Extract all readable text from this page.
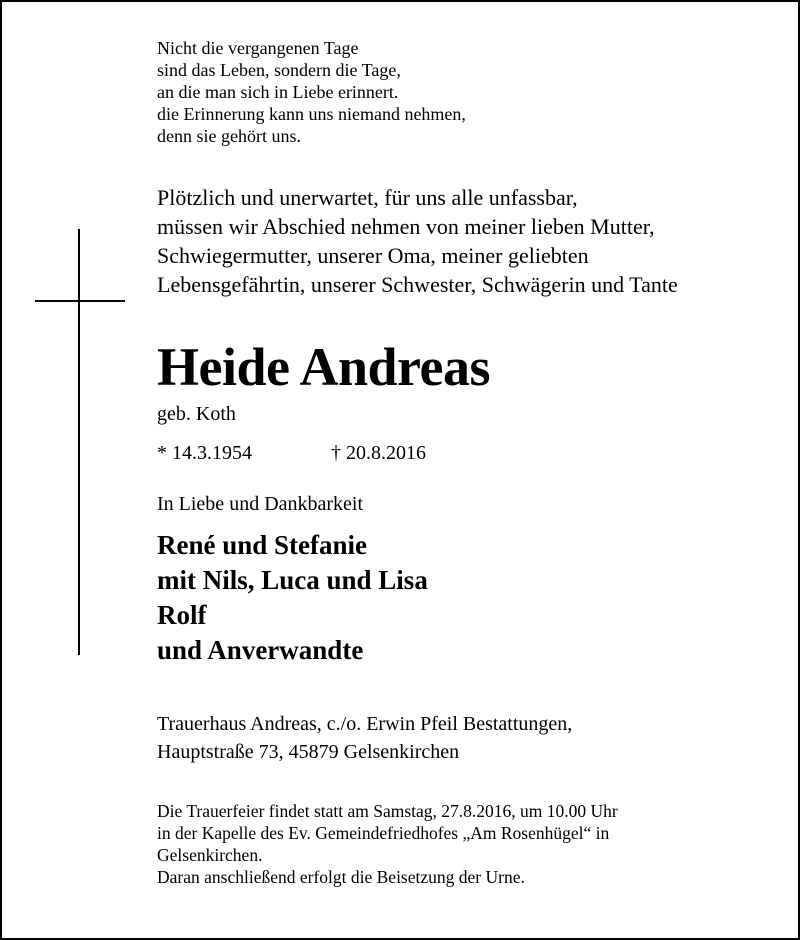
Nicht die vergangenen Tage
sind das Leben, sondern die Tage,
an die man sich in Liebe erinnert.
die Erinnerung kann uns niemand nehmen,
denn sie gehört uns.
Plötzlich und unerwartet, für uns alle unfassbar,
müssen wir Abschied nehmen von meiner lieben Mutter,
Schwiegermutter, unserer Oma, meiner geliebten
Lebensgefährtin, unserer Schwester, Schwägerin und Tante
Heide Andreas
geb. Koth
* 14.3.1954	† 20.8.2016
In Liebe und Dankbarkeit
René und Stefanie
mit Nils, Luca und Lisa
Rolf
und Anverwandte
Trauerhaus Andreas, c./o. Erwin Pfeil Bestattungen,
Hauptstraße 73, 45879 Gelsenkirchen
Die Trauerfeier findet statt am Samstag, 27.8.2016, um 10.00 Uhr
in der Kapelle des Ev. Gemeindefriedhofes „Am Rosenhügel“ in
Gelsenkirchen.
Daran anschließend erfolgt die Beisetzung der Urne.
